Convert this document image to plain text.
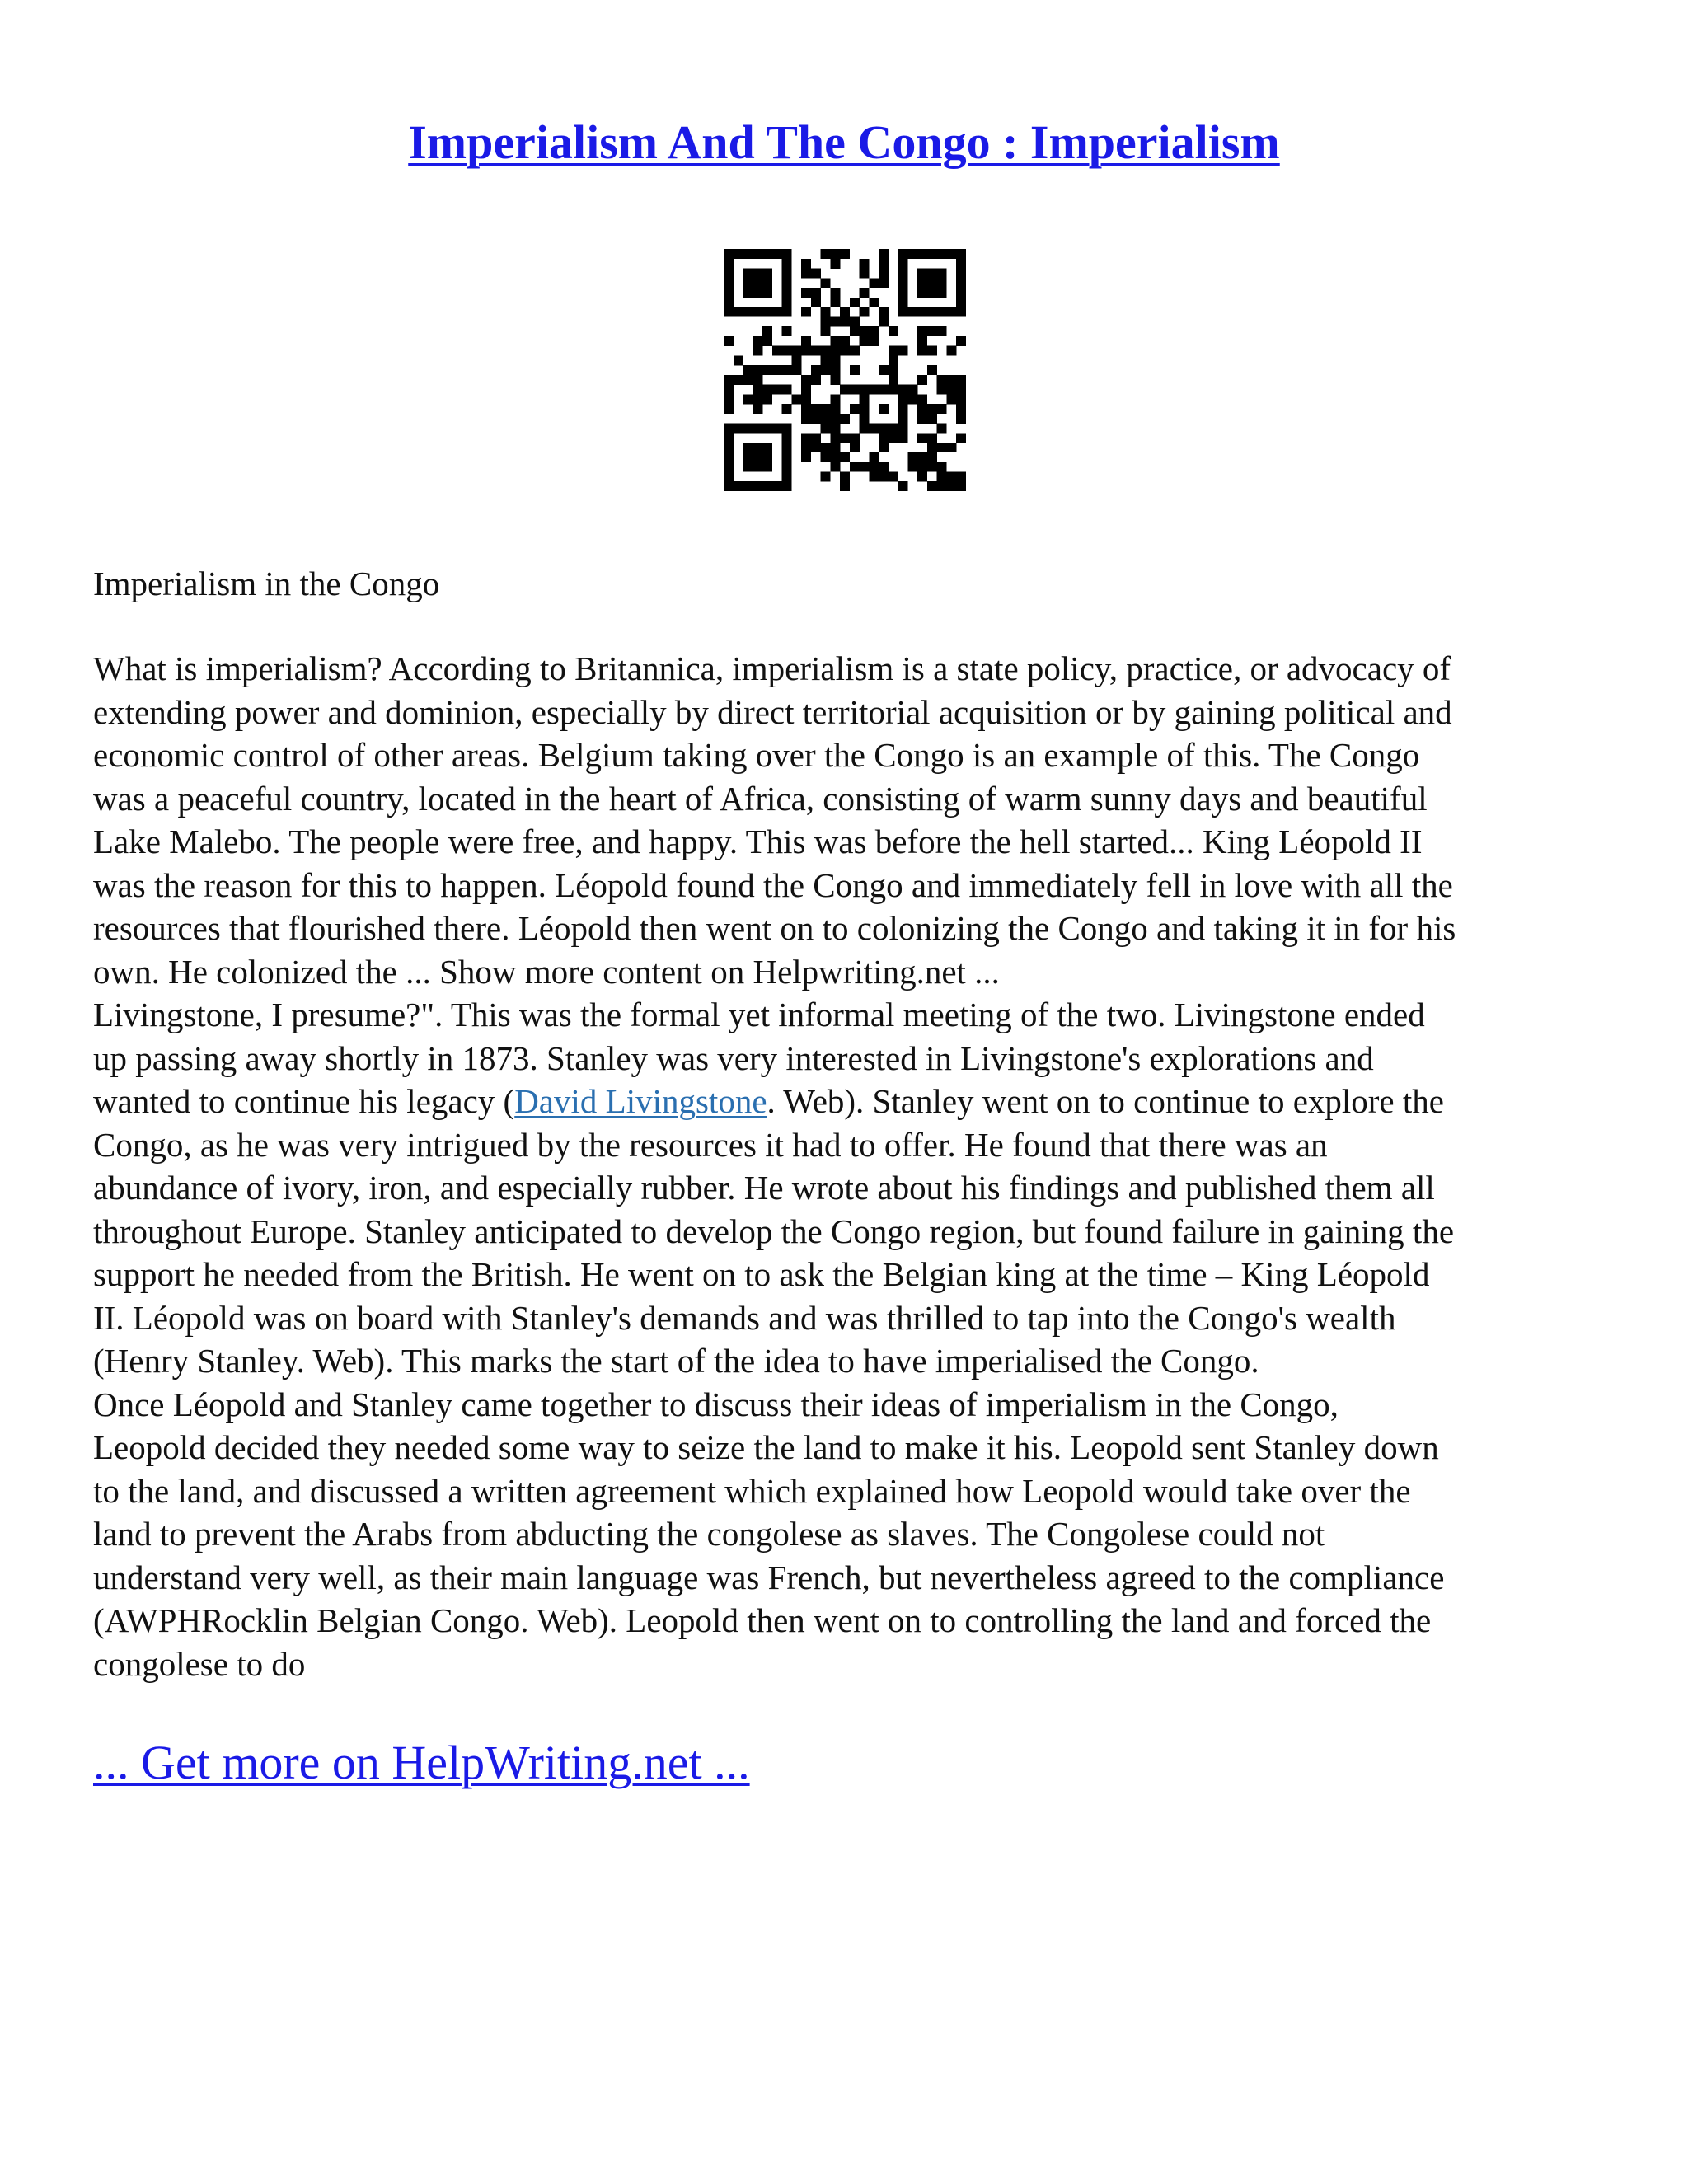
Imperialism And The Congo : Imperialism
Imperialism in the Congo
What is imperialism? According to Britannica, imperialism is a state policy, practice, or advocacy of
extending power and dominion, especially by direct territorial acquisition or by gaining political and
economic control of other areas. Belgium taking over the Congo is an example of this. The Congo
was a peaceful country, located in the heart of Africa, consisting of warm sunny days and beautiful
Lake Malebo. The people were free, and happy. This was before the hell started... King Léopold II
was the reason for this to happen. Léopold found the Congo and immediately fell in love with all the
resources that flourished there. Léopold then went on to colonizing the Congo and taking it in for his
own. He colonized the ... Show more content on Helpwriting.net ...
Livingstone, I presume?". This was the formal yet informal meeting of the two. Livingstone ended
up passing away shortly in 1873. Stanley was very interested in Livingstone's explorations and
wanted to continue his legacy (David Livingstone. Web). Stanley went on to continue to explore the
Congo, as he was very intrigued by the resources it had to offer. He found that there was an
abundance of ivory, iron, and especially rubber. He wrote about his findings and published them all
throughout Europe. Stanley anticipated to develop the Congo region, but found failure in gaining the
support he needed from the British. He went on to ask the Belgian king at the time – King Léopold
II. Léopold was on board with Stanley's demands and was thrilled to tap into the Congo's wealth
(Henry Stanley. Web). This marks the start of the idea to have imperialised the Congo.
Once Léopold and Stanley came together to discuss their ideas of imperialism in the Congo,
Leopold decided they needed some way to seize the land to make it his. Leopold sent Stanley down
to the land, and discussed a written agreement which explained how Leopold would take over the
land to prevent the Arabs from abducting the congolese as slaves. The Congolese could not
understand very well, as their main language was French, but nevertheless agreed to the compliance
(AWPHRocklin Belgian Congo. Web). Leopold then went on to controlling the land and forced the
congolese to do
... Get more on HelpWriting.net ...
